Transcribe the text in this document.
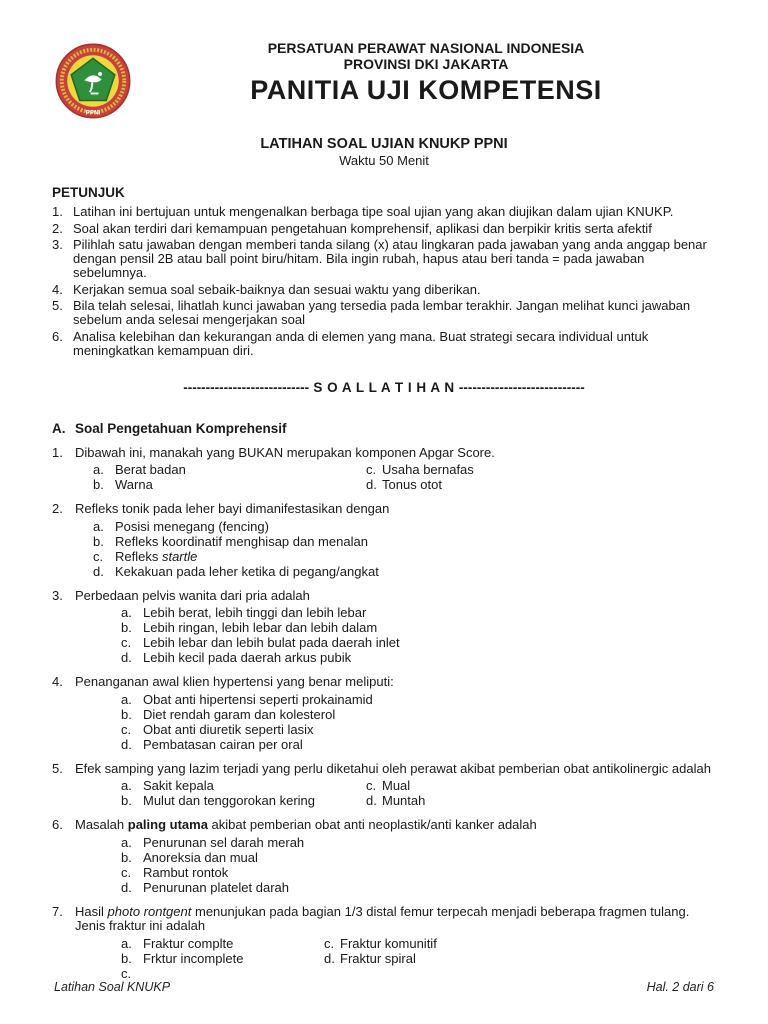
PPNI
PERSATUAN PERAWAT NASIONAL INDONESIA
PROVINSI DKI JAKARTA
PANITIA UJI KOMPETENSI
LATIHAN SOAL UJIAN KNUKP PPNI
Waktu 50 Menit
PETUNJUK
1. Latihan ini bertujuan untuk mengenalkan berbaga tipe soal ujian yang akan diujikan dalam ujian KNUKP.
2. Soal akan terdiri dari kemampuan pengetahuan komprehensif, aplikasi dan berpikir kritis serta afektif
3. Pilihlah satu jawaban dengan memberi tanda silang (x) atau lingkaran pada jawaban yang anda anggap benar dengan pensil 2B atau ball point biru/hitam. Bila ingin rubah, hapus atau beri tanda = pada jawaban sebelumnya.
4. Kerjakan semua soal sebaik-baiknya dan sesuai waktu yang diberikan.
5. Bila telah selesai, lihatlah kunci jawaban yang tersedia pada lembar terakhir. Jangan melihat kunci jawaban sebelum anda selesai mengerjakan soal
6. Analisa kelebihan dan kekurangan anda di elemen yang mana. Buat strategi secara individual untuk meningkatkan kemampuan diri.
---------------------------- S O A L L A T I H A N ----------------------------
A. Soal Pengetahuan Komprehensif
1. Dibawah ini, manakah yang BUKAN merupakan komponen Apgar Score.
a. Berat badan
b. Warna
c. Usaha bernafas
d. Tonus otot
2. Refleks tonik pada leher bayi dimanifestasikan dengan
a. Posisi menegang (fencing)
b. Refleks koordinatif menghisap dan menalan
c. Refleks startle
d. Kekakuan pada leher ketika di pegang/angkat
3. Perbedaan pelvis wanita dari pria adalah
a. Lebih berat, lebih tinggi dan lebih lebar
b. Lebih ringan, lebih lebar dan lebih dalam
c. Lebih lebar dan lebih bulat pada daerah inlet
d. Lebih kecil pada daerah arkus pubik
4. Penanganan awal klien hypertensi yang benar meliputi:
a. Obat anti hipertensi seperti prokainamid
b. Diet rendah garam dan kolesterol
c. Obat anti diuretik seperti lasix
d. Pembatasan cairan per oral
5. Efek samping yang lazim terjadi yang perlu diketahui oleh perawat akibat pemberian obat antikolinergic adalah
a. Sakit kepala
b. Mulut dan tenggorokan kering
c. Mual
d. Muntah
6. Masalah paling utama akibat pemberian obat anti neoplastik/anti kanker adalah
a. Penurunan sel darah merah
b. Anoreksia dan mual
c. Rambut rontok
d. Penurunan platelet darah
7. Hasil photo rontgent menunjukan pada bagian 1/3 distal femur terpecah menjadi beberapa fragmen tulang. Jenis fraktur ini adalah
a. Fraktur complte
b. Frktur incomplete
c.
c. Fraktur komunitif
d. Fraktur spiral
Latihan Soal KNUKP	Hal. 2 dari 6
